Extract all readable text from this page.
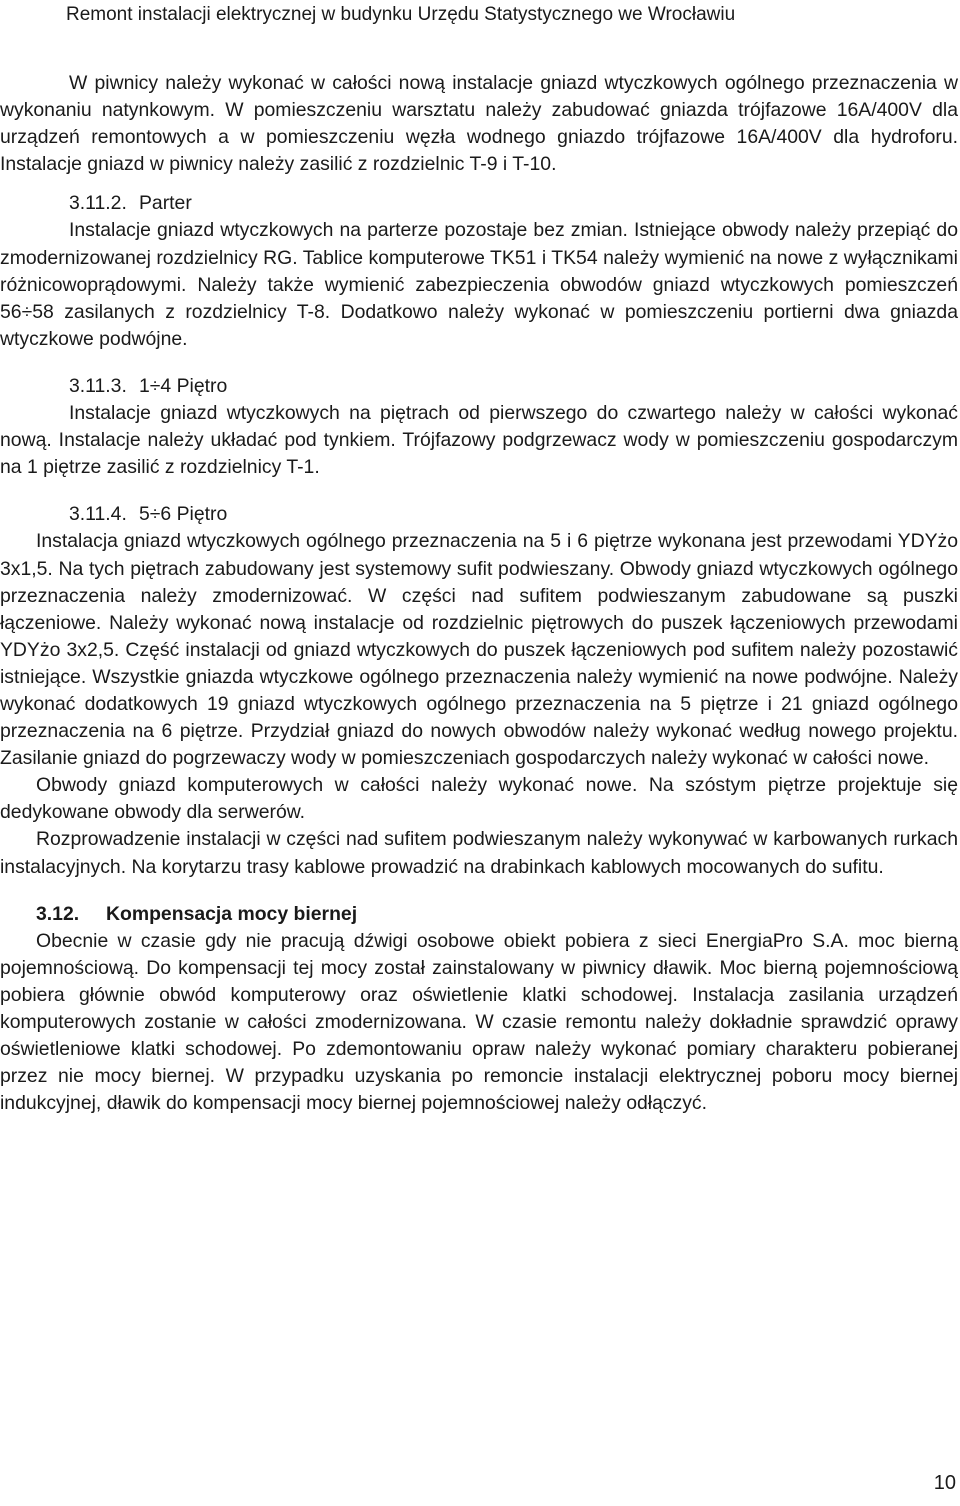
Remont instalacji elektrycznej w budynku Urzędu Statystycznego we Wrocławiu

W piwnicy należy wykonać w całości nową instalacje gniazd wtyczkowych ogólnego przeznaczenia w wykonaniu natynkowym. W pomieszczeniu warsztatu należy zabudować gniazda trójfazowe 16A/400V dla urządzeń remontowych a w pomieszczeniu węzła wodnego gniazdo trójfazowe 16A/400V dla hydroforu. Instalacje gniazd w piwnicy należy zasilić z rozdzielnic T-9 i T-10.

3.11.2. Parter

Instalacje gniazd wtyczkowych na parterze pozostaje bez zmian. Istniejące obwody należy przepiąć do zmodernizowanej rozdzielnicy RG. Tablice komputerowe TK51 i TK54 należy wymienić na nowe z wyłącznikami różnicowoprądowymi. Należy także wymienić zabezpieczenia obwodów gniazd wtyczkowych pomieszczeń 56÷58 zasilanych z rozdzielnicy T-8. Dodatkowo należy wykonać w pomieszczeniu portierni dwa gniazda wtyczkowe podwójne.

3.11.3. 1÷4 Piętro

Instalacje gniazd wtyczkowych na piętrach od pierwszego do czwartego należy w całości wykonać nową. Instalacje należy układać pod tynkiem. Trójfazowy podgrzewacz wody w pomieszczeniu gospodarczym na 1 piętrze zasilić z rozdzielnicy T-1.

3.11.4. 5÷6 Piętro

Instalacja gniazd wtyczkowych ogólnego przeznaczenia na 5 i 6 piętrze wykonana jest przewodami YDYżo 3x1,5. Na tych piętrach zabudowany jest systemowy sufit podwieszany. Obwody gniazd wtyczkowych ogólnego przeznaczenia należy zmodernizować. W części nad sufitem podwieszanym zabudowane są puszki łączeniowe. Należy wykonać nową instalacje od rozdzielnic piętrowych do puszek łączeniowych przewodami YDYżo 3x2,5. Część instalacji od gniazd wtyczkowych do puszek łączeniowych pod sufitem należy pozostawić istniejące. Wszystkie gniazda wtyczkowe ogólnego przeznaczenia należy wymienić na nowe podwójne. Należy wykonać dodatkowych 19 gniazd wtyczkowych ogólnego przeznaczenia na 5 piętrze i 21 gniazd ogólnego przeznaczenia na 6 piętrze. Przydział gniazd do nowych obwodów należy wykonać według nowego projektu. Zasilanie gniazd do pogrzewaczy wody w pomieszczeniach gospodarczych należy wykonać w całości nowe.

Obwody gniazd komputerowych w całości należy wykonać nowe. Na szóstym piętrze projektuje się dedykowane obwody dla serwerów.

Rozprowadzenie instalacji w części nad sufitem podwieszanym należy wykonywać w karbowanych rurkach instalacyjnych. Na korytarzu trasy kablowe prowadzić na drabinkach kablowych mocowanych do sufitu.

3.12.	Kompensacja mocy biernej

Obecnie w czasie gdy nie pracują dźwigi osobowe obiekt pobiera z sieci EnergiaPro S.A. moc bierną pojemnościową. Do kompensacji tej mocy został zainstalowany w piwnicy dławik. Moc bierną pojemnościową pobiera głównie obwód komputerowy oraz oświetlenie klatki schodowej. Instalacja zasilania urządzeń komputerowych zostanie w całości zmodernizowana. W czasie remontu należy dokładnie sprawdzić oprawy oświetleniowe klatki schodowej. Po zdemontowaniu opraw należy wykonać pomiary charakteru pobieranej przez nie mocy biernej. W przypadku uzyskania po remoncie instalacji elektrycznej poboru mocy biernej indukcyjnej, dławik do kompensacji mocy biernej pojemnościowej należy odłączyć.

10
